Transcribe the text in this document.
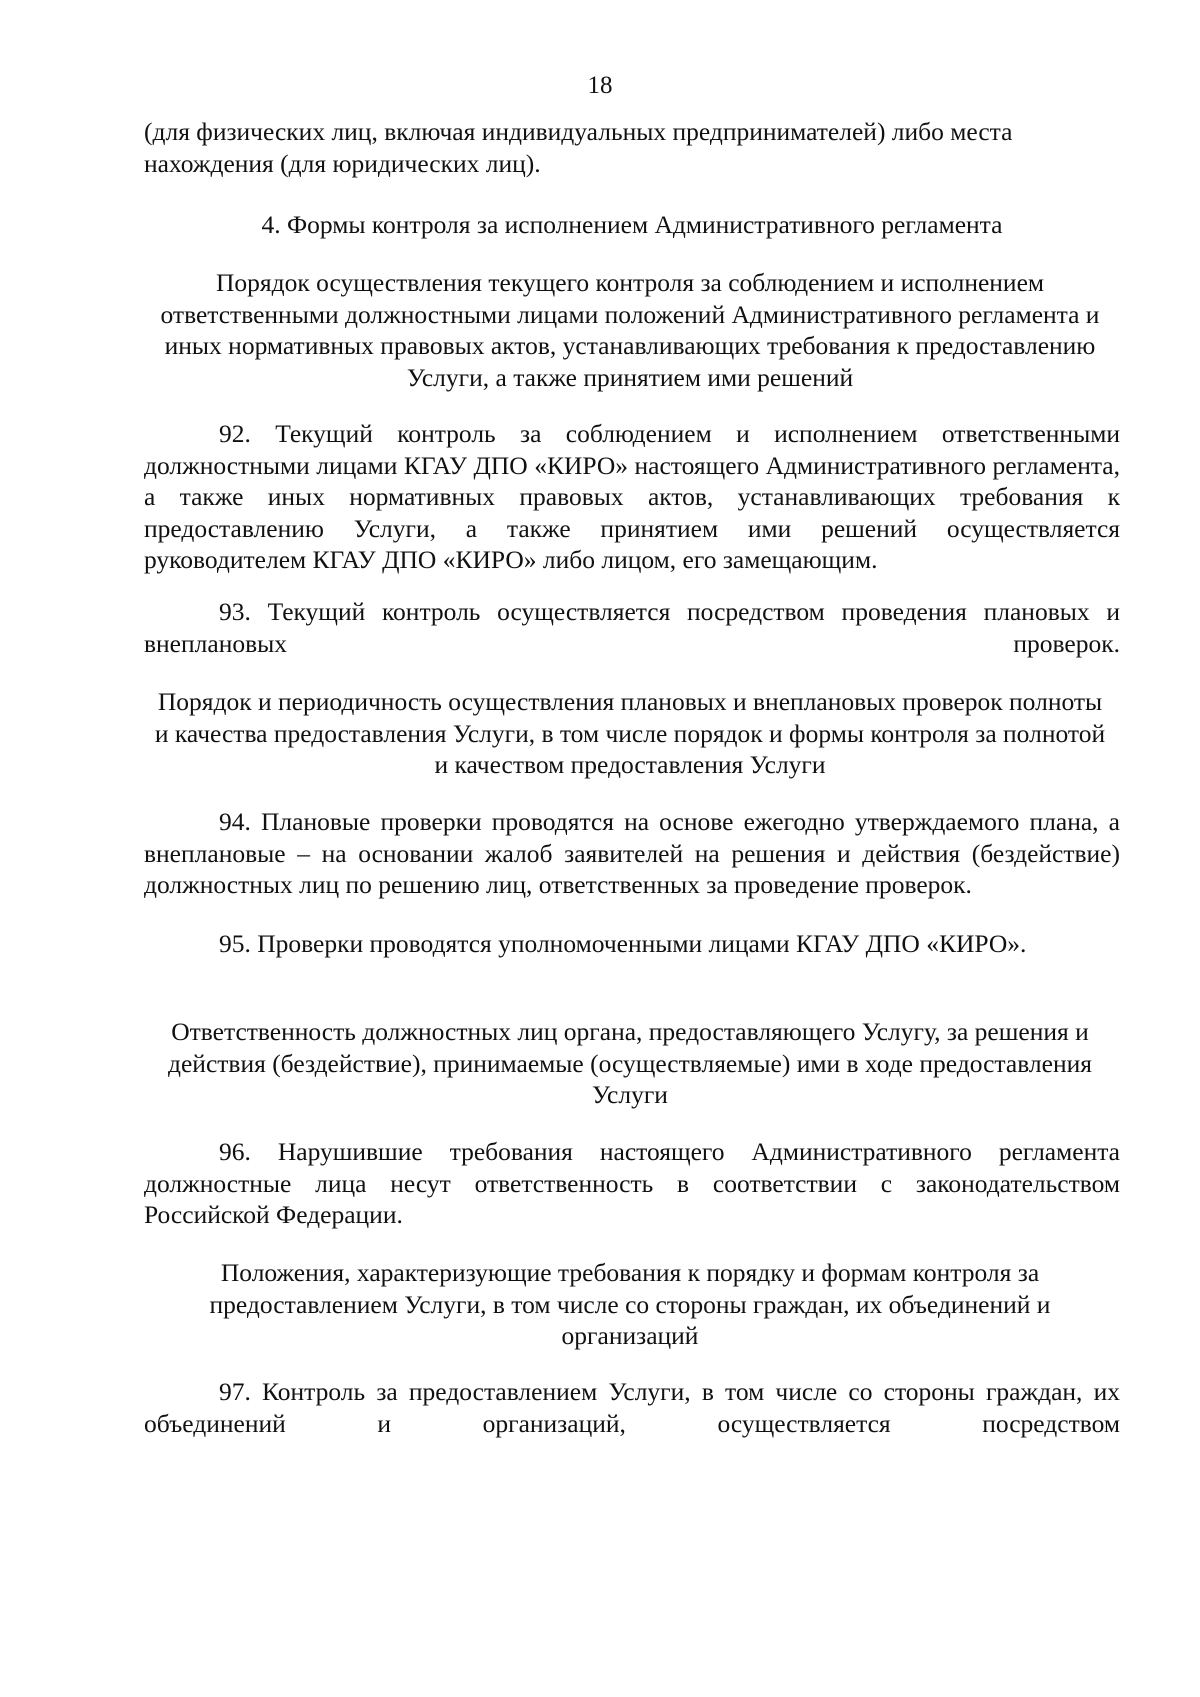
18

(для физических лиц, включая индивидуальных предпринимателей) либо места нахождения (для юридических лиц).

4. Формы контроля за исполнением Административного регламента

Порядок осуществления текущего контроля за соблюдением и исполнением ответственными должностными лицами положений Административного регламента и иных нормативных правовых актов, устанавливающих требования к предоставлению Услуги, а также принятием ими решений

92. Текущий контроль за соблюдением и исполнением ответственными должностными лицами КГАУ ДПО «КИРО» настоящего Административного регламента, а также иных нормативных правовых актов, устанавливающих требования к предоставлению Услуги, а также принятием ими решений осуществляется руководителем КГАУ ДПО «КИРО» либо лицом, его замещающим.

93. Текущий контроль осуществляется посредством проведения плановых и внеплановых проверок.

Порядок и периодичность осуществления плановых и внеплановых проверок полноты и качества предоставления Услуги, в том числе порядок и формы контроля за полнотой и качеством предоставления Услуги

94. Плановые проверки проводятся на основе ежегодно утверждаемого плана, а внеплановые – на основании жалоб заявителей на решения и действия (бездействие) должностных лиц по решению лиц, ответственных за проведение проверок.

95. Проверки проводятся уполномоченными лицами КГАУ ДПО «КИРО».

Ответственность должностных лиц органа, предоставляющего Услугу, за решения и действия (бездействие), принимаемые (осуществляемые) ими в ходе предоставления Услуги

96. Нарушившие требования настоящего Административного регламента должностные лица несут ответственность в соответствии с законодательством Российской Федерации.

Положения, характеризующие требования к порядку и формам контроля за предоставлением Услуги, в том числе со стороны граждан, их объединений и организаций

97. Контроль за предоставлением Услуги, в том числе со стороны граждан, их объединений и организаций, осуществляется посредством
